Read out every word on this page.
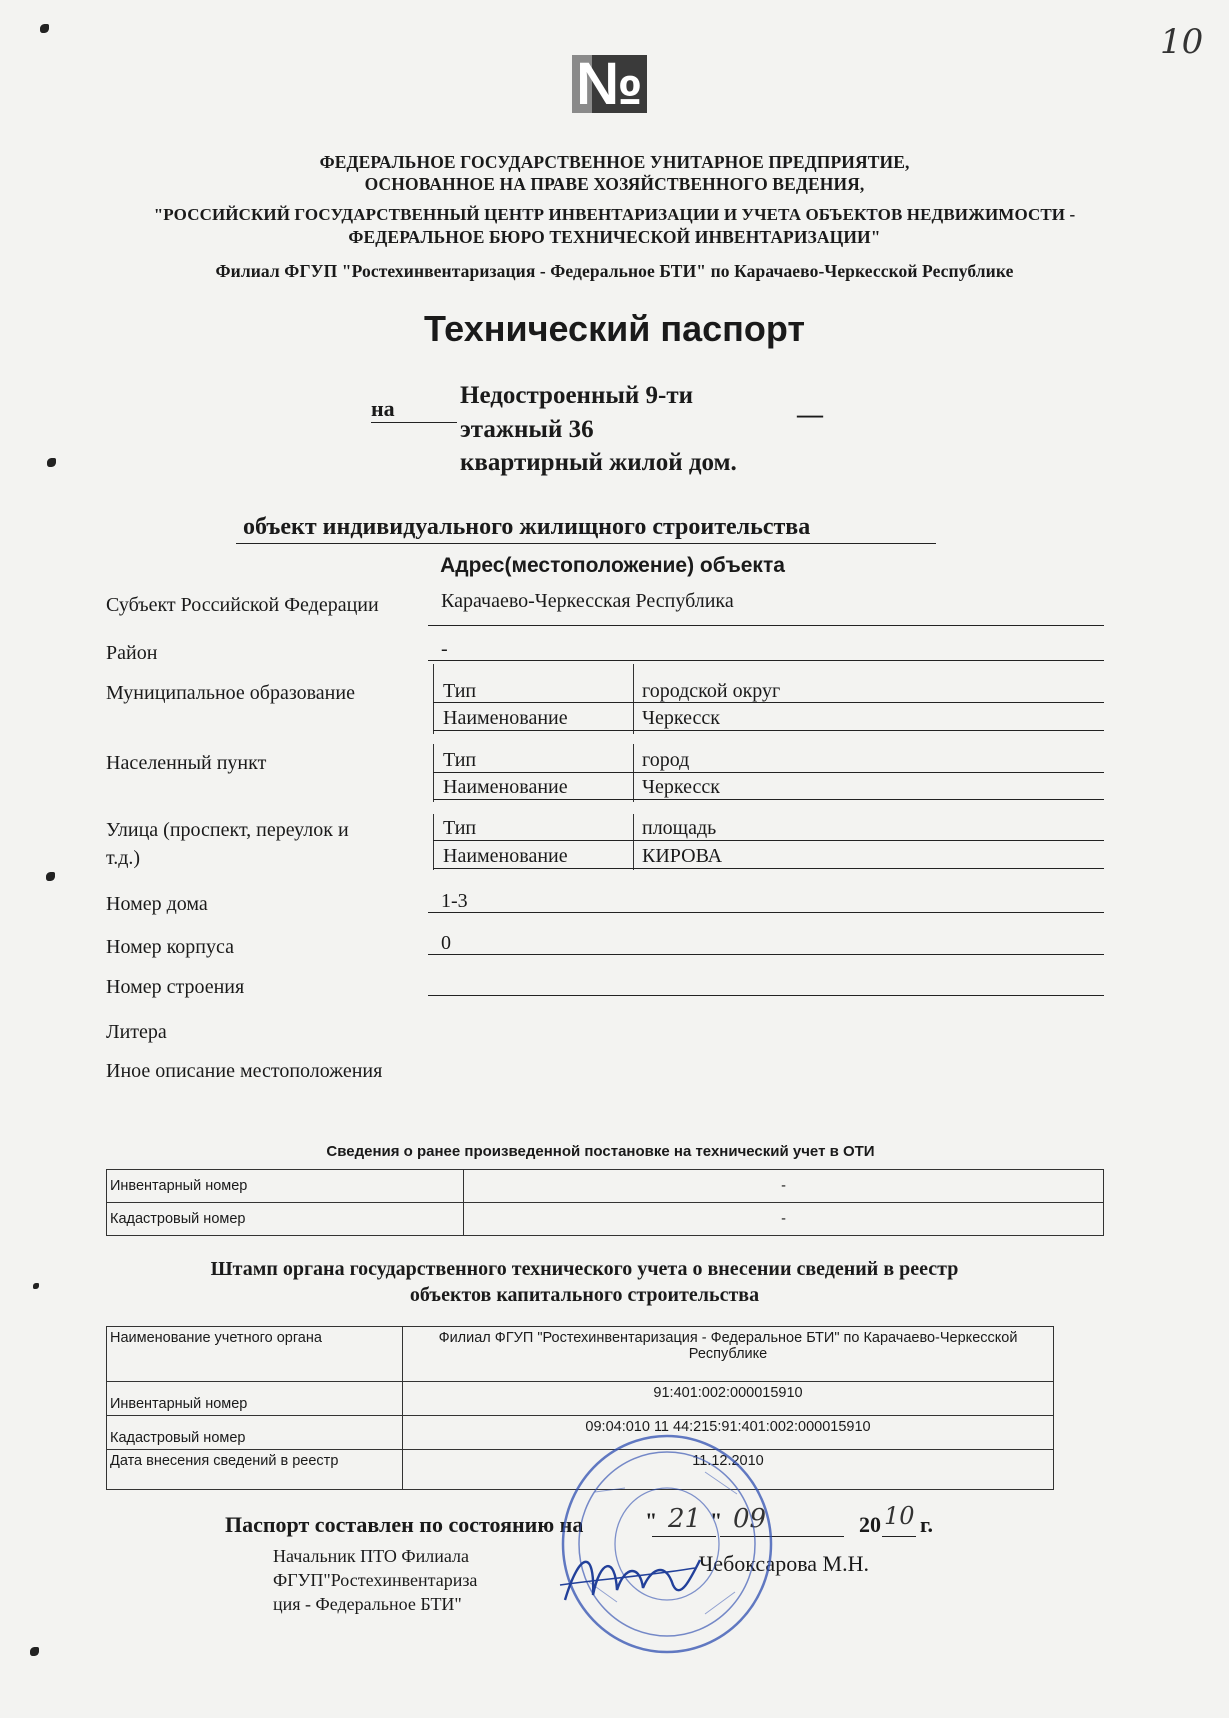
10
№
ФЕДЕРАЛЬНОЕ ГОСУДАРСТВЕННОЕ УНИТАРНОЕ ПРЕДПРИЯТИЕ,
ОСНОВАННОЕ НА ПРАВЕ ХОЗЯЙСТВЕННОГО ВЕДЕНИЯ,
"РОССИЙСКИЙ ГОСУДАРСТВЕННЫЙ ЦЕНТР ИНВЕНТАРИЗАЦИИ И УЧЕТА ОБЪЕКТОВ НЕДВИЖИМОСТИ -
ФЕДЕРАЛЬНОЕ БЮРО ТЕХНИЧЕСКОЙ ИНВЕНТАРИЗАЦИИ"
Филиал ФГУП "Ростехинвентаризация - Федеральное БТИ" по Карачаево-Черкесской Республике
Технический паспорт
на	Недостроенный 9-ти
этажный 36
квартирный жилой дом.
—
объект индивидуального жилищного строительства
Адрес(местоположение) объекта
Субъект Российской Федерации	Карачаево-Черкесская Республика
Район	-
Муниципальное образование	Тип	городской округ
Наименование	Черкесск
Населенный пункт	Тип	город
Наименование	Черкесск
Улица (проспект, переулок и
т.д.)
Тип	площадь
Наименование	КИРОВА
Номер дома	1-3
Номер корпуса	0
Номер строения
Литера
Иное описание местоположения
Сведения о ранее произведенной постановке на технический учет в ОТИ
Инвентарный номер	-
Кадастровый номер	-
Штамп органа государственного технического учета о внесении сведений в реестр
объектов капитального строительства
Наименование учетного органа	Филиал ФГУП "Ростехинвентаризация - Федеральное БТИ" по Карачаево-Черкесской Республике
Инвентарный номер	91:401:002:000015910
Кадастровый номер	09:04:010 11 44:215:91:401:002:000015910
Дата внесения сведений в реестр	11.12.2010
Паспорт составлен по состоянию на	" 21 " 09	20 10 г.
Начальник ПТО Филиала
ФГУП"Ростехинвентариза
ция - Федеральное БТИ"
Чебоксарова М.Н.
